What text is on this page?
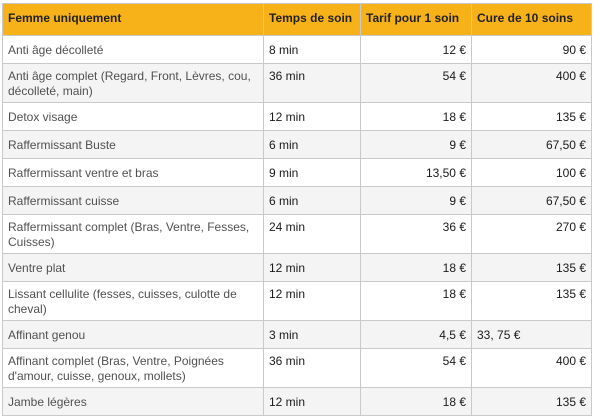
Femme uniquement	Temps de soin	Tarif pour 1 soin	Cure de 10 soins
Anti âge décolleté	8 min	12 €	90 €
Anti âge complet (Regard, Front, Lèvres, cou, décolleté, main)	36 min	54 €	400 €
Detox visage	12 min	18 €	135 €
Raffermissant Buste	6 min	9 €	67,50 €
Raffermissant ventre et bras	9 min	13,50 €	100 €
Raffermissant cuisse	6 min	9 €	67,50 €
Raffermissant complet (Bras, Ventre, Fesses, Cuisses)	24 min	36 €	270 €
Ventre plat	12 min	18 €	135 €
Lissant cellulite (fesses, cuisses, culotte de cheval)	12 min	18 €	135 €
Affinant genou	3 min	4,5 €	33, 75 €
Affinant complet (Bras, Ventre, Poignées d'amour, cuisse, genoux, mollets)	36 min	54 €	400 €
Jambe légères	12 min	18 €	135 €
